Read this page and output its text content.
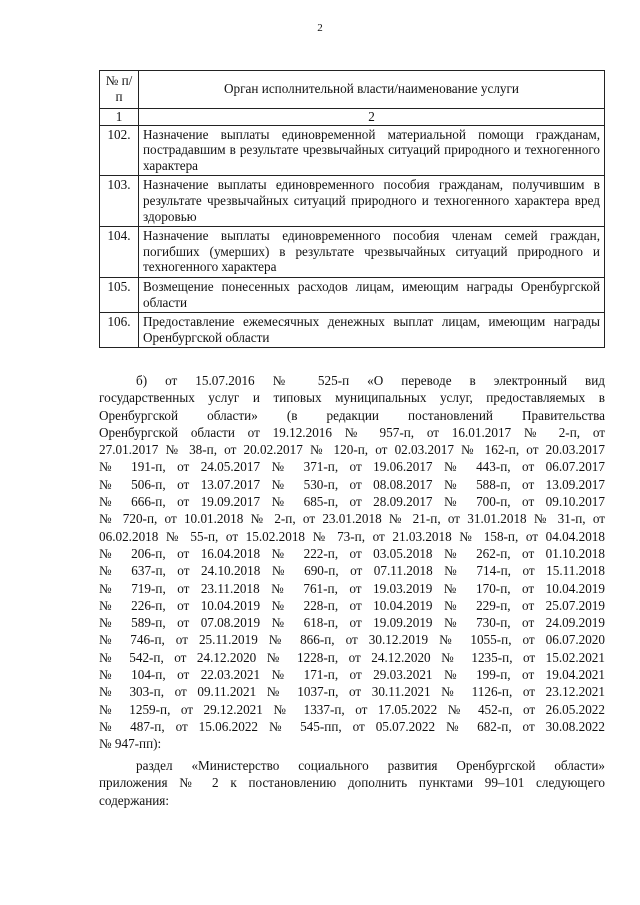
2
№ п/п	Орган исполнительной власти/наименование услуги
1	2
102.	Назначение выплаты единовременной материальной помощи гражданам, пострадавшим в результате чрезвычайных ситуаций природного и техногенного характера
103.	Назначение выплаты единовременного пособия гражданам, получившим в результате чрезвычайных ситуаций природного и техногенного характера вред здоровью
104.	Назначение выплаты единовременного пособия членам семей граждан, погибших (умерших) в результате чрезвычайных ситуаций природного и техногенного характера
105.	Возмещение понесенных расходов лицам, имеющим награды Оренбургской области
106.	Предоставление ежемесячных денежных выплат лицам, имеющим награды Оренбургской области
б) от 15.07.2016 № 525-п «О переводе в электронный вид
государственных услуг и типовых муниципальных услуг, предоставляемых в
Оренбургской области» (в редакции постановлений Правительства
Оренбургской области от 19.12.2016 № 957-п, от 16.01.2017 № 2-п, от
27.01.2017 № 38-п, от 20.02.2017 № 120-п, от 02.03.2017 № 162-п, от 20.03.2017
№ 191-п, от 24.05.2017 № 371-п, от 19.06.2017 № 443-п, от 06.07.2017
№ 506-п, от 13.07.2017 № 530-п, от 08.08.2017 № 588-п, от 13.09.2017
№ 666-п, от 19.09.2017 № 685-п, от 28.09.2017 № 700-п, от 09.10.2017
№ 720-п, от 10.01.2018 № 2-п, от 23.01.2018 № 21-п, от 31.01.2018 № 31-п, от
06.02.2018 № 55-п, от 15.02.2018 № 73-п, от 21.03.2018 № 158-п, от 04.04.2018
№ 206-п, от 16.04.2018 № 222-п, от 03.05.2018 № 262-п, от 01.10.2018
№ 637-п, от 24.10.2018 № 690-п, от 07.11.2018 № 714-п, от 15.11.2018
№ 719-п, от 23.11.2018 № 761-п, от 19.03.2019 № 170-п, от 10.04.2019
№ 226-п, от 10.04.2019 № 228-п, от 10.04.2019 № 229-п, от 25.07.2019
№ 589-п, от 07.08.2019 № 618-п, от 19.09.2019 № 730-п, от 24.09.2019
№ 746-п, от 25.11.2019 № 866-п, от 30.12.2019 № 1055-п, от 06.07.2020
№ 542-п, от 24.12.2020 № 1228-п, от 24.12.2020 № 1235-п, от 15.02.2021
№ 104-п, от 22.03.2021 № 171-п, от 29.03.2021 № 199-п, от 19.04.2021
№ 303-п, от 09.11.2021 № 1037-п, от 30.11.2021 № 1126-п, от 23.12.2021
№ 1259-п, от 29.12.2021 № 1337-п, от 17.05.2022 № 452-п, от 26.05.2022
№ 487-п, от 15.06.2022 № 545-пп, от 05.07.2022 № 682-п, от 30.08.2022
№ 947-пп):
раздел «Министерство социального развития Оренбургской области»
приложения № 2 к постановлению дополнить пунктами 99–101 следующего
содержания:
